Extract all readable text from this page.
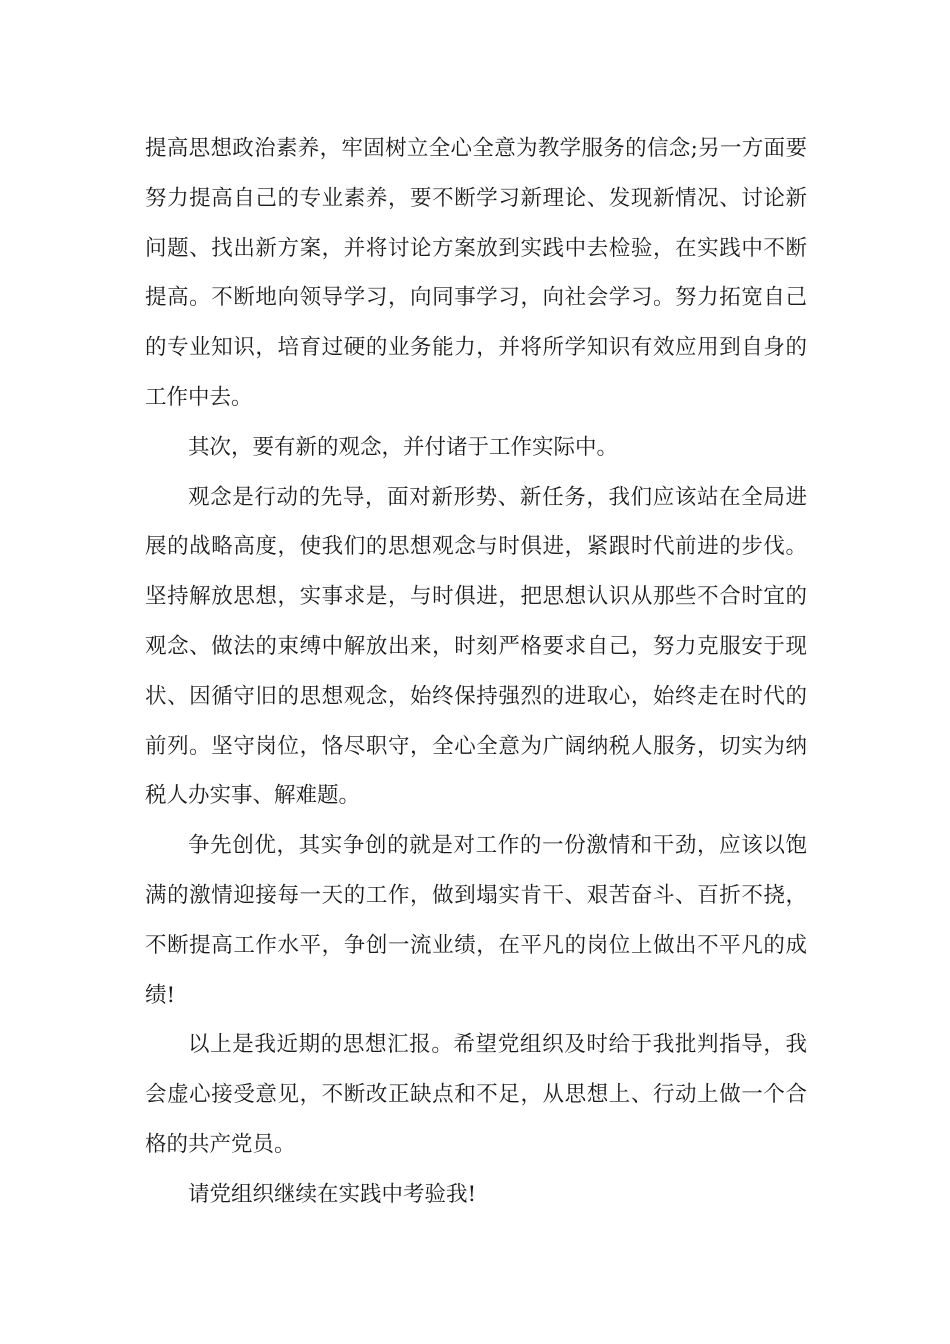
提高思想政治素养，牢固树立全心全意为教学服务的信念;另一方面要努力提高自己的专业素养，要不断学习新理论、发现新情况、讨论新问题、找出新方案，并将讨论方案放到实践中去检验，在实践中不断提高。不断地向领导学习，向同事学习，向社会学习。努力拓宽自己的专业知识，培育过硬的业务能力，并将所学知识有效应用到自身的工作中去。

其次，要有新的观念，并付诸于工作实际中。

观念是行动的先导，面对新形势、新任务，我们应该站在全局进展的战略高度，使我们的思想观念与时俱进，紧跟时代前进的步伐。坚持解放思想，实事求是，与时俱进，把思想认识从那些不合时宜的观念、做法的束缚中解放出来，时刻严格要求自己，努力克服安于现状、因循守旧的思想观念，始终保持强烈的进取心，始终走在时代的前列。坚守岗位，恪尽职守，全心全意为广阔纳税人服务，切实为纳税人办实事、解难题。

争先创优，其实争创的就是对工作的一份激情和干劲，应该以饱满的激情迎接每一天的工作，做到塌实肯干、艰苦奋斗、百折不挠，不断提高工作水平，争创一流业绩，在平凡的岗位上做出不平凡的成绩!

以上是我近期的思想汇报。希望党组织及时给于我批判指导，我会虚心接受意见，不断改正缺点和不足，从思想上、行动上做一个合格的共产党员。

请党组织继续在实践中考验我!
